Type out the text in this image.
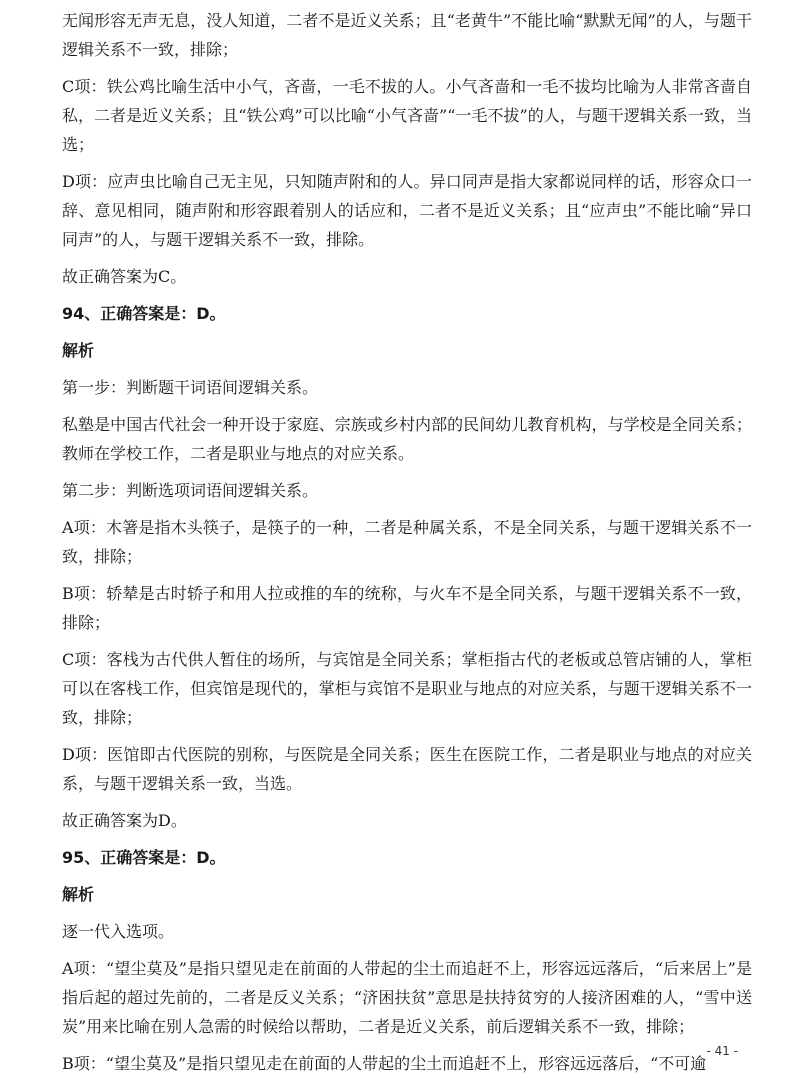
无闻形容无声无息，没人知道，二者不是近义关系；且“老黄牛”不能比喻“默默无闻”的人，与题干逻辑关系不一致，排除；

C项：铁公鸡比喻生活中小气，吝啬，一毛不拔的人。小气吝啬和一毛不拔均比喻为人非常吝啬自私，二者是近义关系；且“铁公鸡”可以比喻“小气吝啬”“一毛不拔”的人，与题干逻辑关系一致，当选；

D项：应声虫比喻自己无主见，只知随声附和的人。异口同声是指大家都说同样的话，形容众口一辞、意见相同，随声附和形容跟着别人的话应和，二者不是近义关系；且“应声虫”不能比喻“异口同声”的人，与题干逻辑关系不一致，排除。

故正确答案为C。

94、正确答案是：D。

解析

第一步：判断题干词语间逻辑关系。

私塾是中国古代社会一种开设于家庭、宗族或乡村内部的民间幼儿教育机构，与学校是全同关系；教师在学校工作，二者是职业与地点的对应关系。

第二步：判断选项词语间逻辑关系。

A项：木箸是指木头筷子，是筷子的一种，二者是种属关系，不是全同关系，与题干逻辑关系不一致，排除；

B项：轿辇是古时轿子和用人拉或推的车的统称，与火车不是全同关系，与题干逻辑关系不一致，排除；

C项：客栈为古代供人暂住的场所，与宾馆是全同关系；掌柜指古代的老板或总管店铺的人，掌柜可以在客栈工作，但宾馆是现代的，掌柜与宾馆不是职业与地点的对应关系，与题干逻辑关系不一致，排除；

D项：医馆即古代医院的别称，与医院是全同关系；医生在医院工作，二者是职业与地点的对应关系，与题干逻辑关系一致，当选。

故正确答案为D。

95、正确答案是：D。

解析

逐一代入选项。

A项：“望尘莫及”是指只望见走在前面的人带起的尘土而追赶不上，形容远远落后，“后来居上”是指后起的超过先前的，二者是反义关系；“济困扶贫”意思是扶持贫穷的人接济困难的人，“雪中送炭”用来比喻在别人急需的时候给以帮助，二者是近义关系，前后逻辑关系不一致，排除；

B项：“望尘莫及”是指只望见走在前面的人带起的尘土而追赶不上，形容远远落后，“不可逾

- 41 -
